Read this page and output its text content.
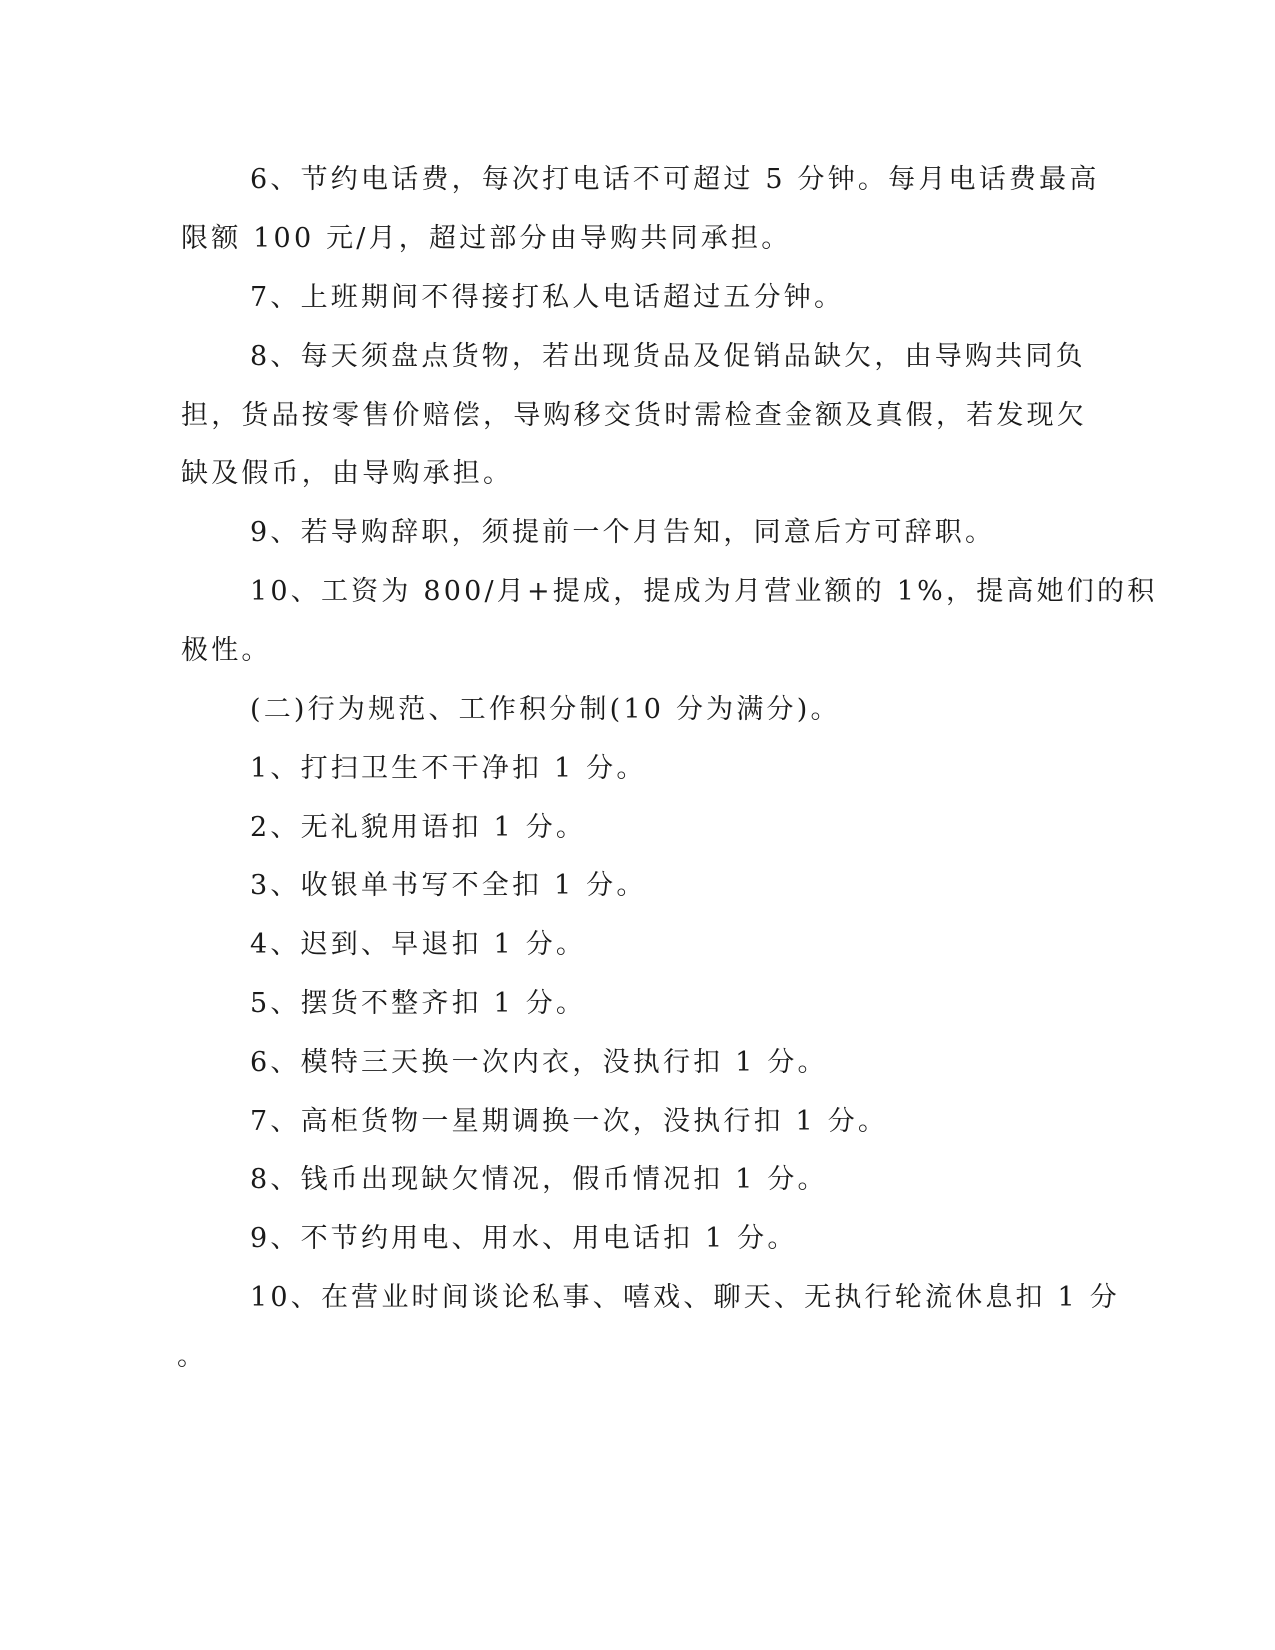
6、节约电话费，每次打电话不可超过 5 分钟。每月电话费最高
限额 100 元/月，超过部分由导购共同承担。
7、上班期间不得接打私人电话超过五分钟。
8、每天须盘点货物，若出现货品及促销品缺欠，由导购共同负
担，货品按零售价赔偿，导购移交货时需检查金额及真假，若发现欠
缺及假币，由导购承担。
9、若导购辞职，须提前一个月告知，同意后方可辞职。
10、工资为 800/月+提成，提成为月营业额的 1%，提高她们的积
极性。
(二)行为规范、工作积分制(10 分为满分)。
1、打扫卫生不干净扣 1 分。
2、无礼貌用语扣 1 分。
3、收银单书写不全扣 1 分。
4、迟到、早退扣 1 分。
5、摆货不整齐扣 1 分。
6、模特三天换一次内衣，没执行扣 1 分。
7、高柜货物一星期调换一次，没执行扣 1 分。
8、钱币出现缺欠情况，假币情况扣 1 分。
9、不节约用电、用水、用电话扣 1 分。
10、在营业时间谈论私事、嘻戏、聊天、无执行轮流休息扣 1 分
。
